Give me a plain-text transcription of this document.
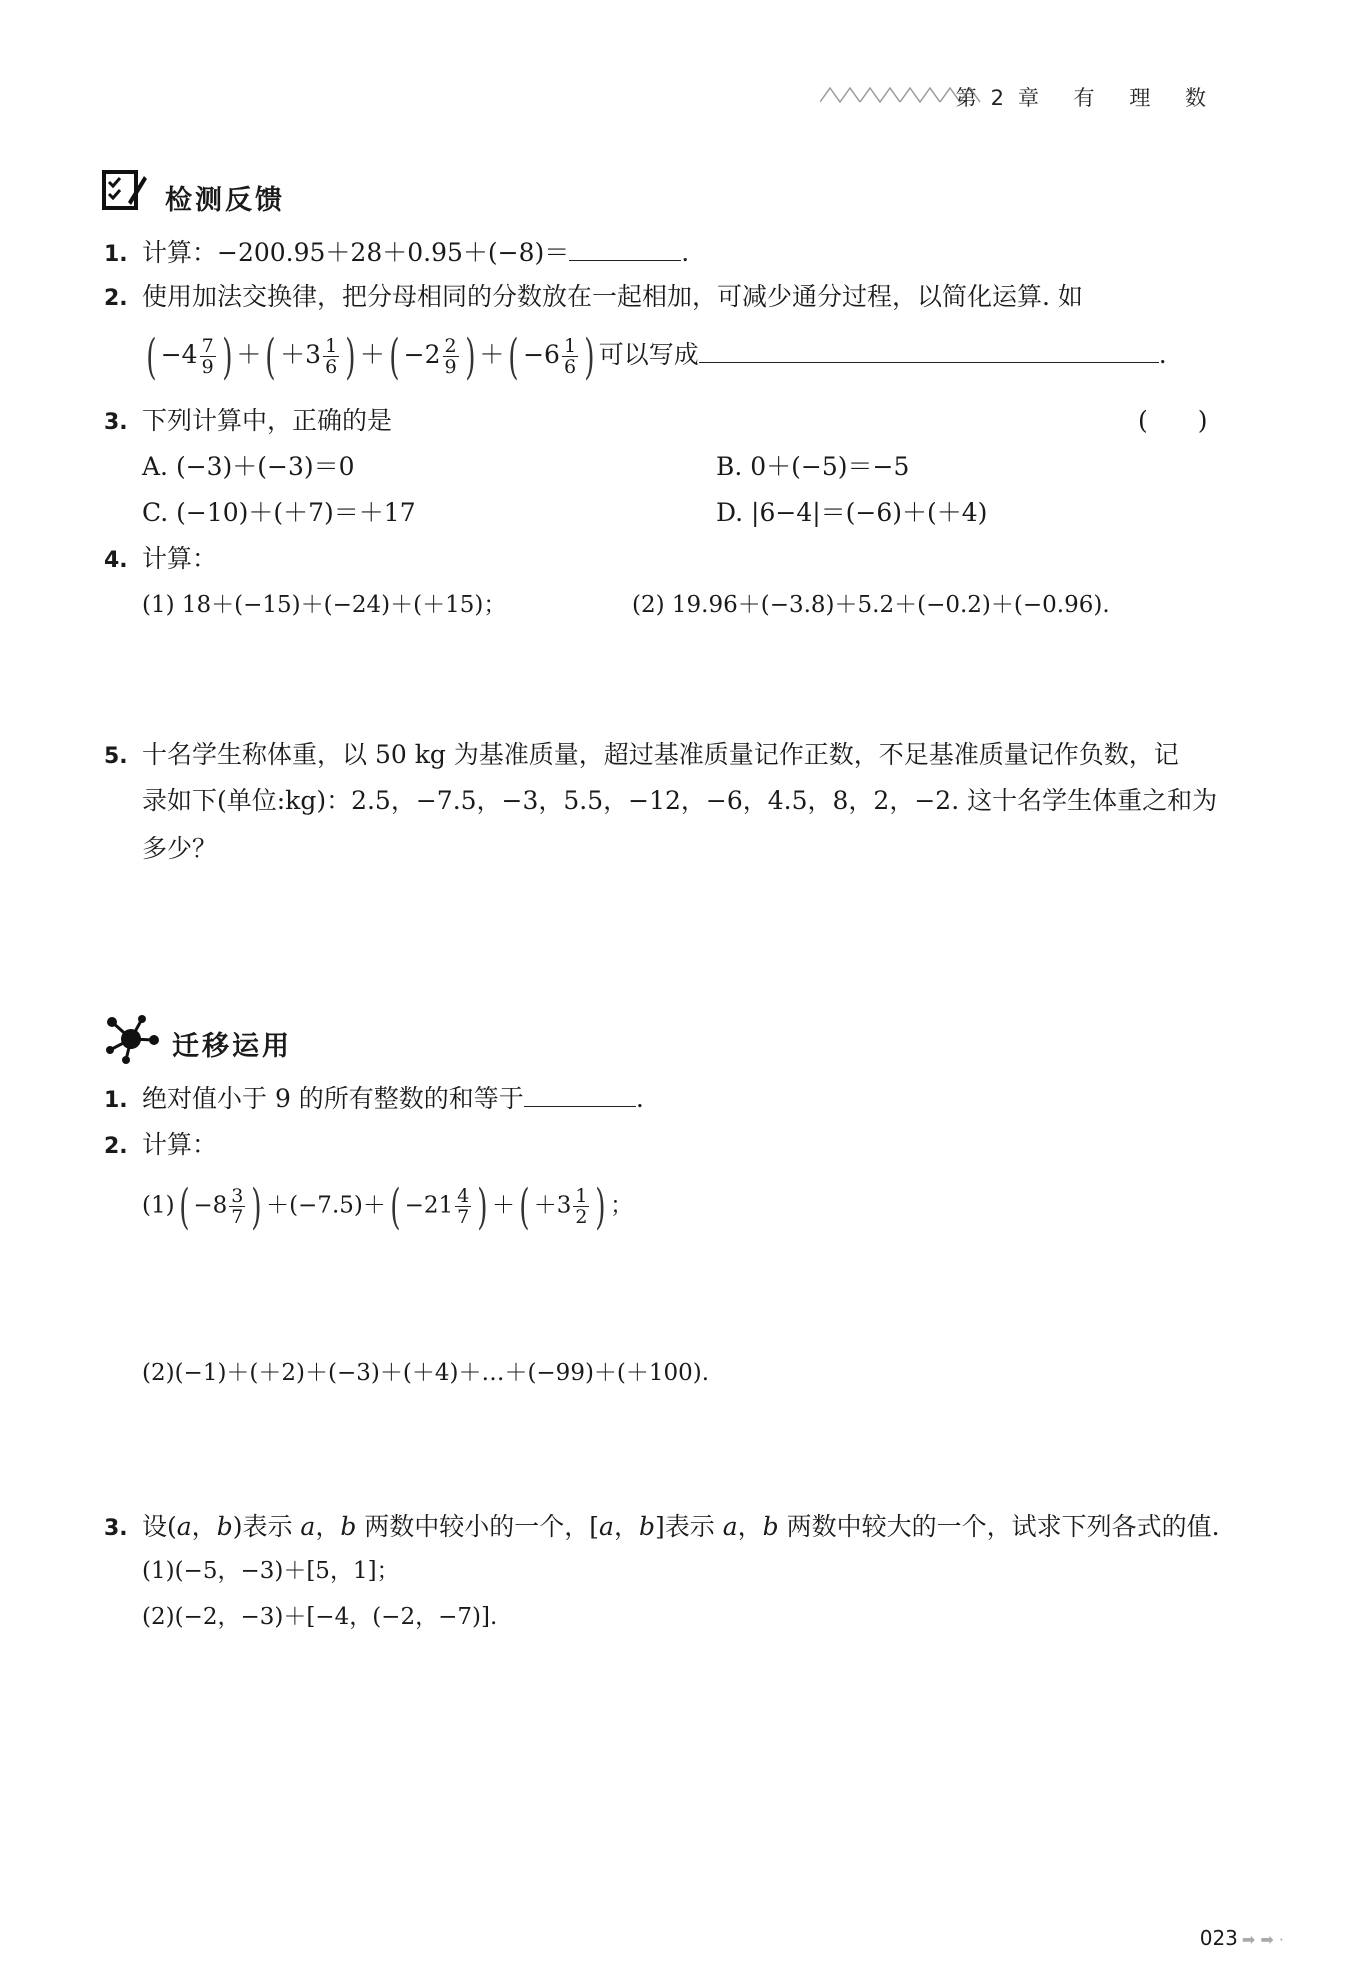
第2章 有 理 数
检测反馈
1. 计算：−200.95＋28＋0.95＋(−8)＝	.
2. 使用加法交换律，把分母相同的分数放在一起相加，可减少通分过程，以简化运算. 如
( $-4 \frac{7}{9}$ ) ＋( $+3 \frac{1}{6}$ ) ＋( $-2 \frac{2}{9}$ ) ＋( $-6 \frac{1}{6}$ ) 可以写成	.
3. 下列计算中，正确的是	(　　)
A. (−3)＋(−3)＝0	B. 0＋(−5)＝−5
C. (−10)＋(＋7)＝＋17	D. |6−4|＝(−6)＋(＋4)
4. 计算：
(1) 18＋(−15)＋(−24)＋(＋15)；	(2) 19.96＋(−3.8)＋5.2＋(−0.2)＋(−0.96).
5. 十名学生称体重，以 50 kg 为基准质量，超过基准质量记作正数，不足基准质量记作负数，记
录如下(单位:kg)：2.5，−7.5，−3，5.5，−12，−6，4.5，8，2，−2. 这十名学生体重之和为
多少？
迁移运用
1. 绝对值小于 9 的所有整数的和等于	.
2. 计算：
$(1)( -8 \frac{3}{7}$ ) $+(-7.5)+( -21 \frac{4}{7}$ ) ＋( $+3 \frac{1}{2}$ ) ；
(2)(−1)＋(＋2)＋(−3)＋(＋4)＋…＋(−99)＋(＋100).
3. 设(a，b)表示 a，b 两数中较小的一个，[a，b]表示 a，b 两数中较大的一个，试求下列各式的值.
(1)(−5，−3)＋[5，1]；
(2)(−2，−3)＋[−4，(−2，−7)].
023 ➡ ➡ ·
